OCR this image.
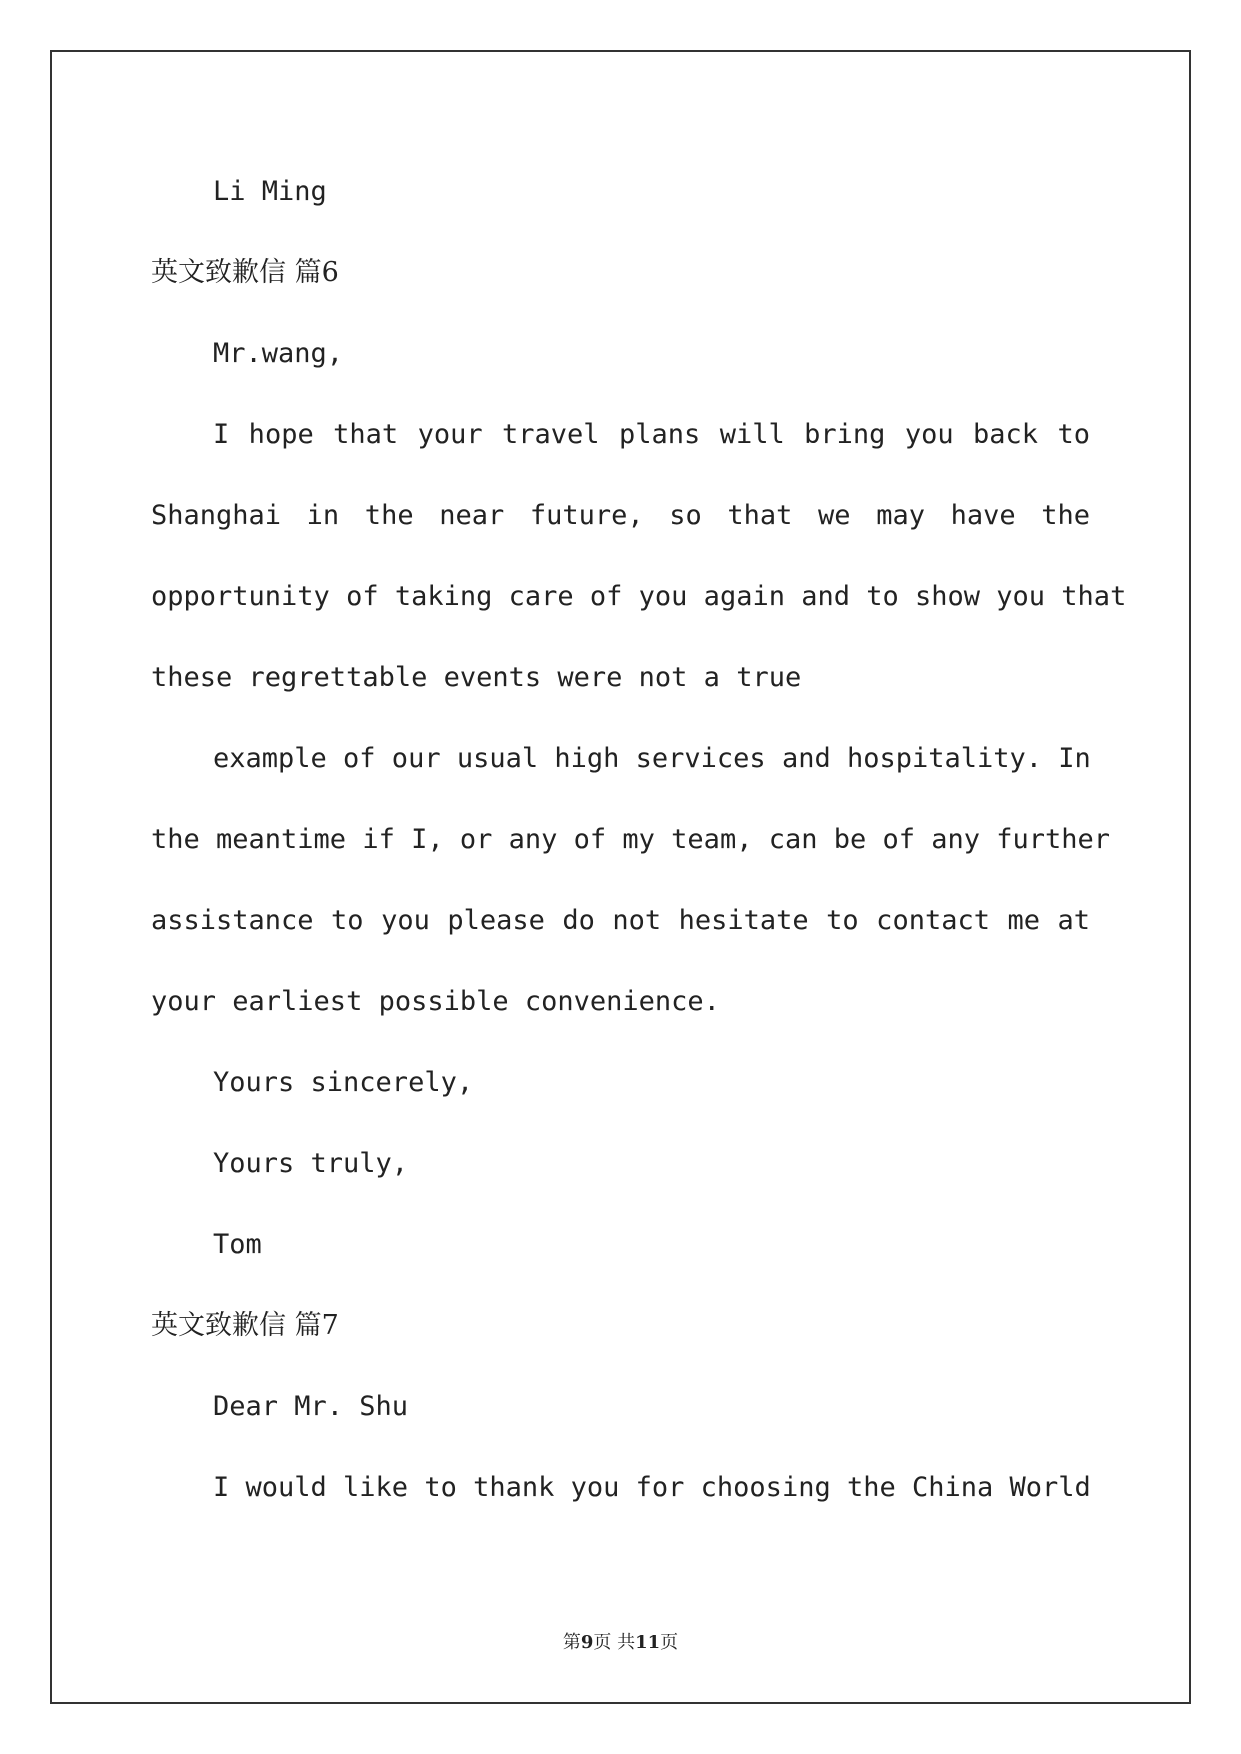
Li Ming
英文致歉信 篇6
Mr.wang,
I hope that your travel plans will bring you back to
Shanghai in the near future, so that we may have the
opportunity of taking care of you again and to show you that
these regrettable events were not a true
example of our usual high services and hospitality. In
the meantime if I, or any of my team, can be of any further
assistance to you please do not hesitate to contact me at
your earliest possible convenience.
Yours sincerely,
Yours truly,
Tom
英文致歉信 篇7
Dear Mr. Shu
I would like to thank you for choosing the China World
第9页 共11页
